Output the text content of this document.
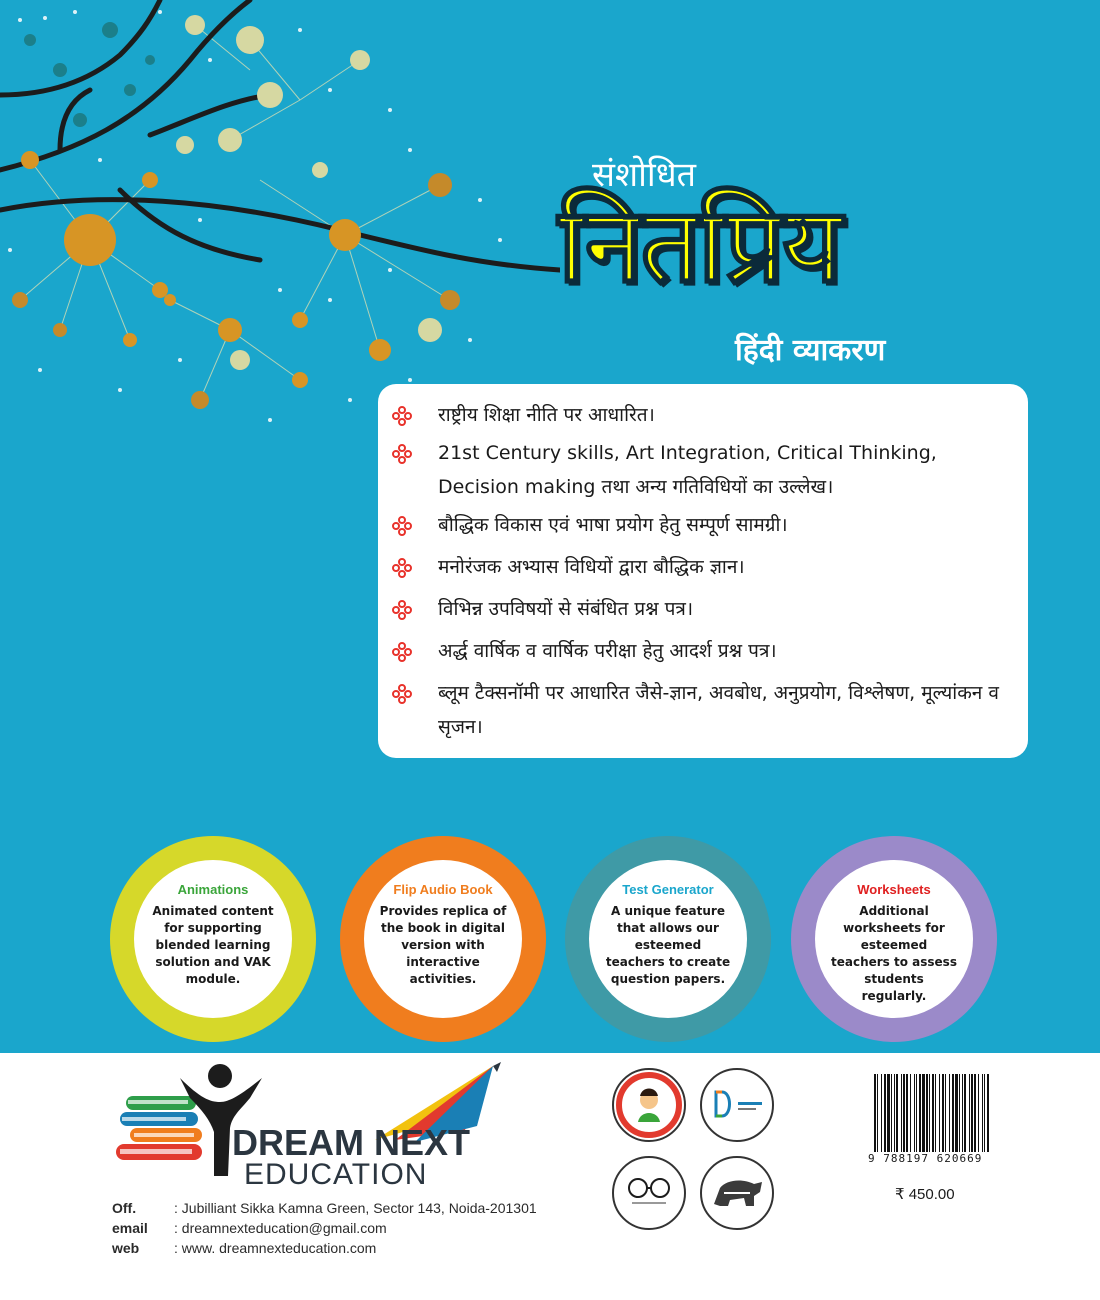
संशोधित
नितप्रिय
हिंदी व्याकरण
राष्ट्रीय शिक्षा नीति पर आधारित।
21st Century skills, Art Integration, Critical Thinking, Decision making तथा अन्य गतिविधियों का उल्लेख।
बौद्धिक विकास एवं भाषा प्रयोग हेतु सम्पूर्ण सामग्री।
मनोरंजक अभ्यास विधियों द्वारा बौद्धिक ज्ञान।
विभिन्न उपविषयों से संबंधित प्रश्न पत्र।
अर्द्ध वार्षिक व वार्षिक परीक्षा हेतु आदर्श प्रश्न पत्र।
ब्लूम टैक्सनॉमी पर आधारित जैसे-ज्ञान, अवबोध, अनुप्रयोग, विश्लेषण, मूल्यांकन व सृजन।
Animations
Animated content for supporting blended learning solution and VAK module.
Flip Audio Book
Provides replica of the book in digital version with interactive activities.
Test Generator
A unique feature that allows our esteemed teachers to create question papers.
Worksheets
Additional worksheets for esteemed teachers to assess students regularly.
DREAM NEXT
EDUCATION
Off.	: Jubilliant Sikka Kamna Green, Sector 143, Noida-201301
email	: dreamnexteducation@gmail.com
web	: www. dreamnexteducation.com
9 788197 620669
₹ 450.00
